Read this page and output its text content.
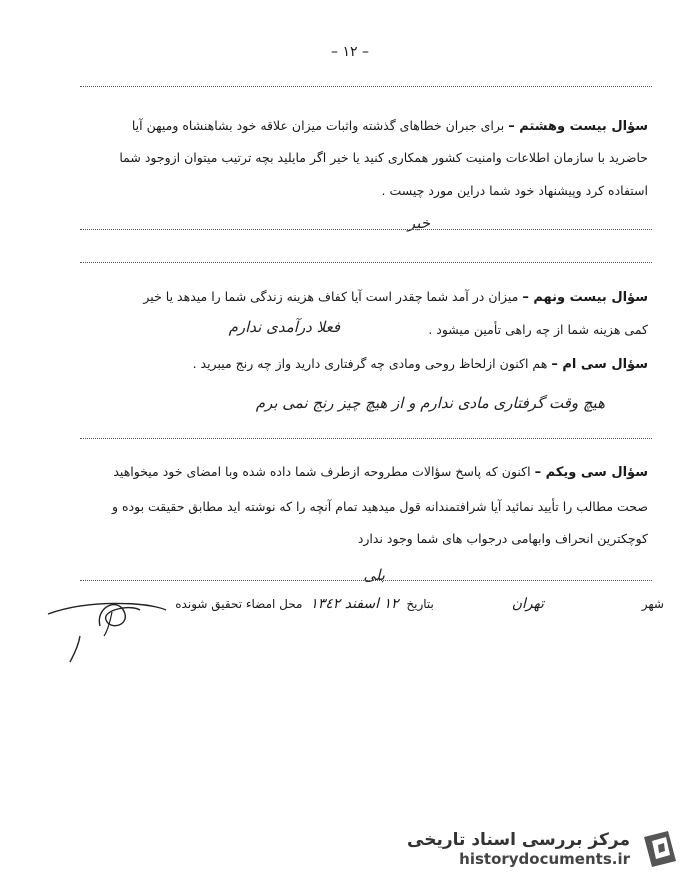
– ١٢ –
سؤال بیست وهشتم – برای جبران خطاهای گذشته واثبات میزان علاقه خود بشاهنشاه ومیهن آیا
حاضرید با سازمان اطلاعات وامنیت کشور همکاری کنید یا خیر اگر مایلید بچه ترتیب میتوان ازوجود شما
استفاده کرد وپیشنهاد خود شما دراین مورد چیست .
خیر
سؤال بیست ونهم – میزان در آمد شما چقدر است آیا کفاف هزینه زندگی شما را میدهد یا خیر
کمی هزینه شما از چه راهی تأمین میشود .
فعلا درآمدی ندارم
سؤال سی ام – هم اکنون ازلحاظ روحی ومادی چه گرفتاری دارید واز چه رنج میبرید .
هیچ وقت گرفتاری مادی ندارم و از هیچ چیز رنج نمی برم
سؤال سی ویکم – اکنون که پاسخ سؤالات مطروحه ازطرف شما داده شده وبا امضای خود میخواهید
صحت مطالب را تأیید نمائید آیا شرافتمندانه قول میدهید تمام آنچه را که نوشته اید مطابق حقیقت بوده و
کوچکترین انحراف وابهامی درجواب های شما وجود ندارد
بلی
شهر تهران بتاریخ ١٢ اسفند ١٣٤٢ محل امضاء تحقیق شونده
مرکز بررسی اسناد تاریخی
historydocuments.ir
